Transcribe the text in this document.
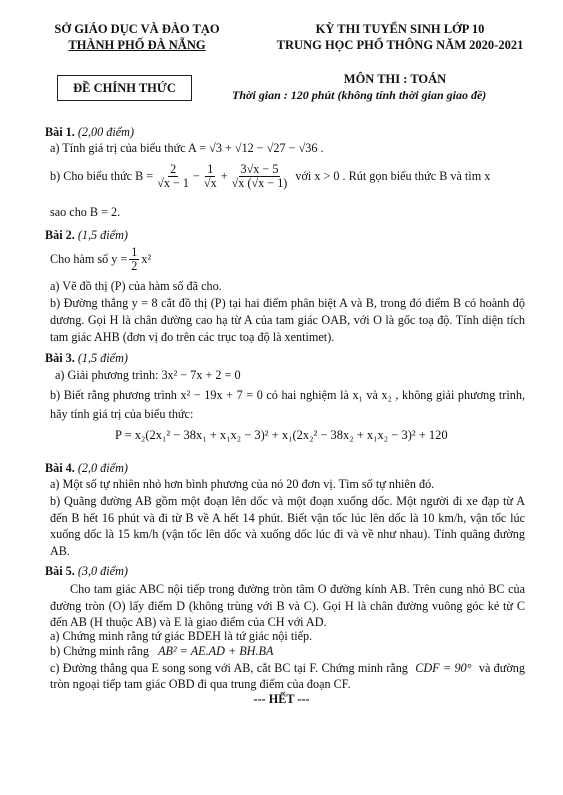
SỞ GIÁO DỤC VÀ ĐÀO TẠO
THÀNH PHỐ ĐÀ NẴNG
KỲ THI TUYỂN SINH LỚP 10
TRUNG HỌC PHỔ THÔNG NĂM 2020-2021
ĐỀ CHÍNH THỨC
MÔN THI : TOÁN
Thời gian : 120 phút (không tính thời gian giao đề)
Bài 1. (2,00 điểm)
a) Tính giá trị của biểu thức A = √3 + √12 − √27 − √36 .
b) Cho biểu thức $B = \frac{2}{√x - 1} - \frac{1}{√x} + \frac{3√x - 5}{√x (√x - 1)}$ với x > 0 . Rút gọn biểu thức B và tìm x
sao cho B = 2.
Bài 2. (1,5 điểm)
Cho hàm số $y = \frac{1}{2} x^2$
a) Vẽ đồ thị (P) của hàm số đã cho.
b) Đường thẳng y = 8 cắt đồ thị (P) tại hai điểm phân biệt A và B, trong đó điểm B có hoành độ dương. Gọi H là chân đường cao hạ từ A của tam giác OAB, với O là gốc toạ độ. Tính diện tích tam giác AHB (đơn vị đo trên các trục toạ độ là xentimet).
Bài 3. (1,5 điểm)
a) Giải phương trình: 3x² − 7x + 2 = 0
b) Biết rằng phương trình x² − 19x + 7 = 0 có hai nghiệm là x₁ và x₂ , không giải phương trình, hãy tính giá trị của biểu thức:
P = x₂(2x₁² − 38x₁ + x₁x₂ − 3)² + x₁(2x₂² − 38x₂ + x₁x₂ − 3)² + 120
Bài 4. (2,0 điểm)
a) Một số tự nhiên nhỏ hơn bình phương của nó 20 đơn vị. Tìm số tự nhiên đó.
b) Quãng đường AB gồm một đoạn lên dốc và một đoạn xuống dốc. Một người đi xe đạp từ A đến B hết 16 phút và đi từ B về A hết 14 phút. Biết vận tốc lúc lên dốc là 10 km/h, vận tốc lúc xuống dốc là 15 km/h (vận tốc lên dốc và xuống dốc lúc đi và về như nhau). Tính quãng đường AB.
Bài 5. (3,0 điểm)
Cho tam giác ABC nội tiếp trong đường tròn tâm O đường kính AB. Trên cung nhỏ BC của đường tròn (O) lấy điểm D (không trùng với B và C). Gọi H là chân đường vuông góc kẻ từ C đến AB (H thuộc AB) và E là giao điểm của CH với AD.
a) Chứng minh rằng tứ giác BDEH là tứ giác nội tiếp.
b) Chứng minh rằng AB² = AE.AD + BH.BA
c) Đường thẳng qua E song song với AB, cắt BC tại F. Chứng minh rằng CDF = 90° và đường tròn ngoại tiếp tam giác OBD đi qua trung điểm của đoạn CF.
--- HẾT ---
